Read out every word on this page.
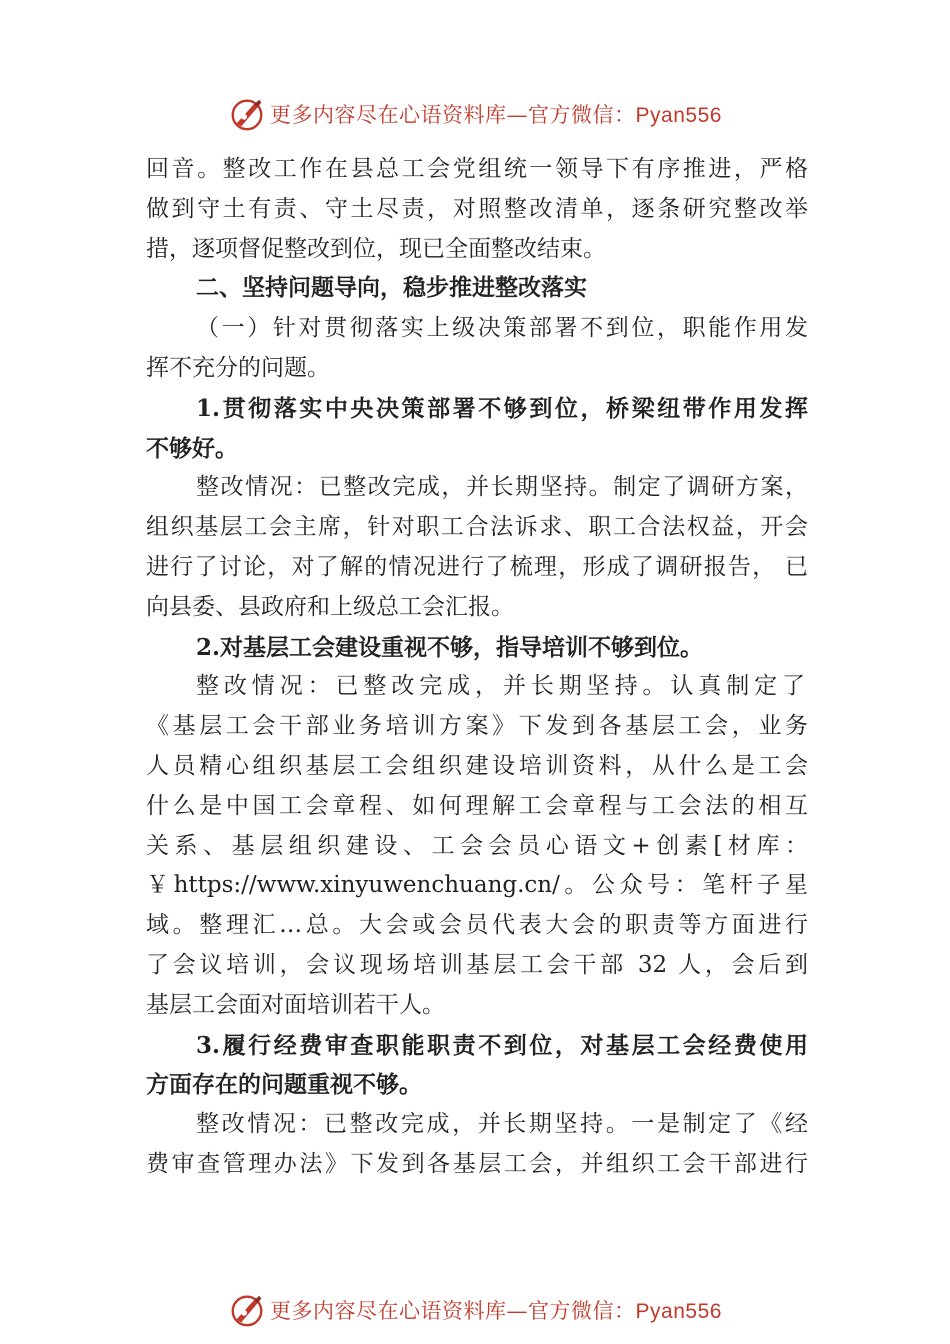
更多内容尽在心语资料库—官方微信：Pyan556
回音。整改工作在县总工会党组统一领导下有序推进，严格
做到守土有责、守土尽责，对照整改清单，逐条研究整改举
措，逐项督促整改到位，现已全面整改结束。
二、坚持问题导向，稳步推进整改落实
（一）针对贯彻落实上级决策部署不到位，职能作用发
挥不充分的问题。
1.贯彻落实中央决策部署不够到位，桥梁纽带作用发挥
不够好。
整改情况：已整改完成，并长期坚持。制定了调研方案，
组织基层工会主席，针对职工合法诉求、职工合法权益，开会
进行了讨论，对了解的情况进行了梳理，形成了调研报告， 已
向县委、县政府和上级总工会汇报。
2.对基层工会建设重视不够，指导培训不够到位。
整改情况：已整改完成，并长期坚持。认真制定了
《基层工会干部业务培训方案》下发到各基层工会，业务
人员精心组织基层工会组织建设培训资料，从什么是工会
什么是中国工会章程、如何理解工会章程与工会法的相互
关系、基层组织建设、工会会员心语文+创素[材库：
￥https://www.xinyuwenchuang.cn/。公众号：笔杆子星
域。整理汇…总。大会或会员代表大会的职责等方面进行
了会议培训，会议现场培训基层工会干部 32 人，会后到
基层工会面对面培训若干人。
3.履行经费审查职能职责不到位，对基层工会经费使用
方面存在的问题重视不够。
整改情况：已整改完成，并长期坚持。一是制定了《经
费审查管理办法》下发到各基层工会，并组织工会干部进行
更多内容尽在心语资料库—官方微信：Pyan556
